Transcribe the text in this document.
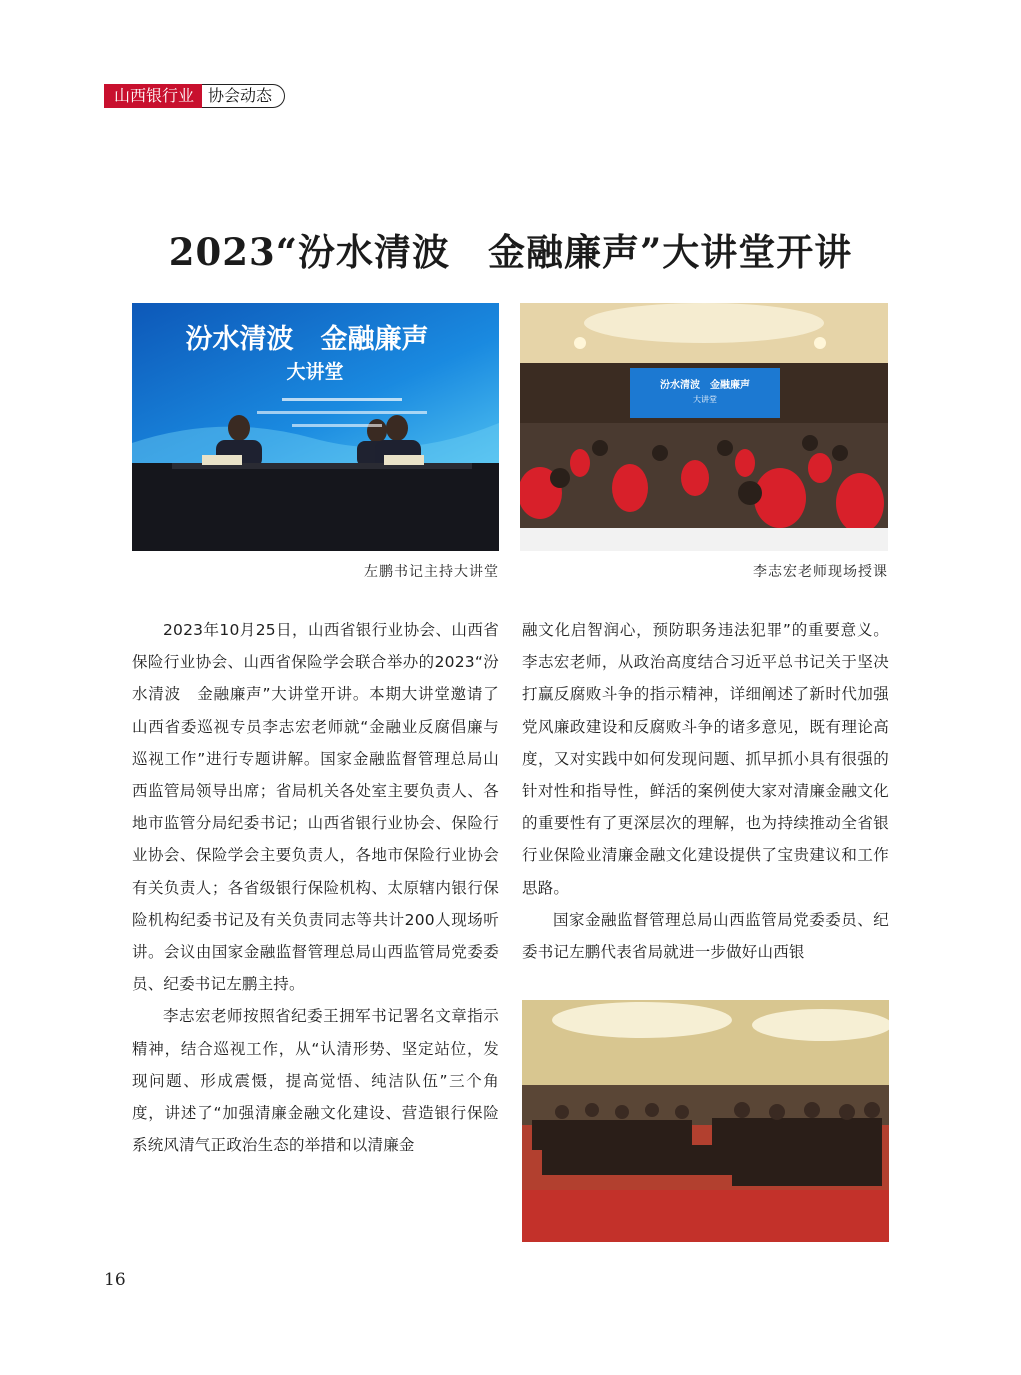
山西银行业 协会动态
2023“汾水清波　金融廉声”大讲堂开讲
汾水清波　金融廉声
大讲堂
左鹏书记主持大讲堂
汾水清波　金融廉声
大讲堂
李志宏老师现场授课

2023年10月25日，山西省银行业协会、山西省保险行业协会、山西省保险学会联合举办的2023“汾水清波　金融廉声”大讲堂开讲。本期大讲堂邀请了山西省委巡视专员李志宏老师就“金融业反腐倡廉与巡视工作”进行专题讲解。国家金融监督管理总局山西监管局领导出席；省局机关各处室主要负责人、各地市监管分局纪委书记；山西省银行业协会、保险行业协会、保险学会主要负责人，各地市保险行业协会有关负责人；各省级银行保险机构、太原辖内银行保险机构纪委书记及有关负责同志等共计200人现场听讲。会议由国家金融监督管理总局山西监管局党委委员、纪委书记左鹏主持。

李志宏老师按照省纪委王拥军书记署名文章指示精神，结合巡视工作，从“认清形势、坚定站位，发现问题、形成震慑，提高觉悟、纯洁队伍”三个角度，讲述了“加强清廉金融文化建设、营造银行保险系统风清气正政治生态的举措和以清廉金

融文化启智润心，预防职务违法犯罪”的重要意义。李志宏老师，从政治高度结合习近平总书记关于坚决打赢反腐败斗争的指示精神，详细阐述了新时代加强党风廉政建设和反腐败斗争的诸多意见，既有理论高度，又对实践中如何发现问题、抓早抓小具有很强的针对性和指导性，鲜活的案例使大家对清廉金融文化的重要性有了更深层次的理解，也为持续推动全省银行业保险业清廉金融文化建设提供了宝贵建议和工作思路。

国家金融监督管理总局山西监管局党委委员、纪委书记左鹏代表省局就进一步做好山西银

16
